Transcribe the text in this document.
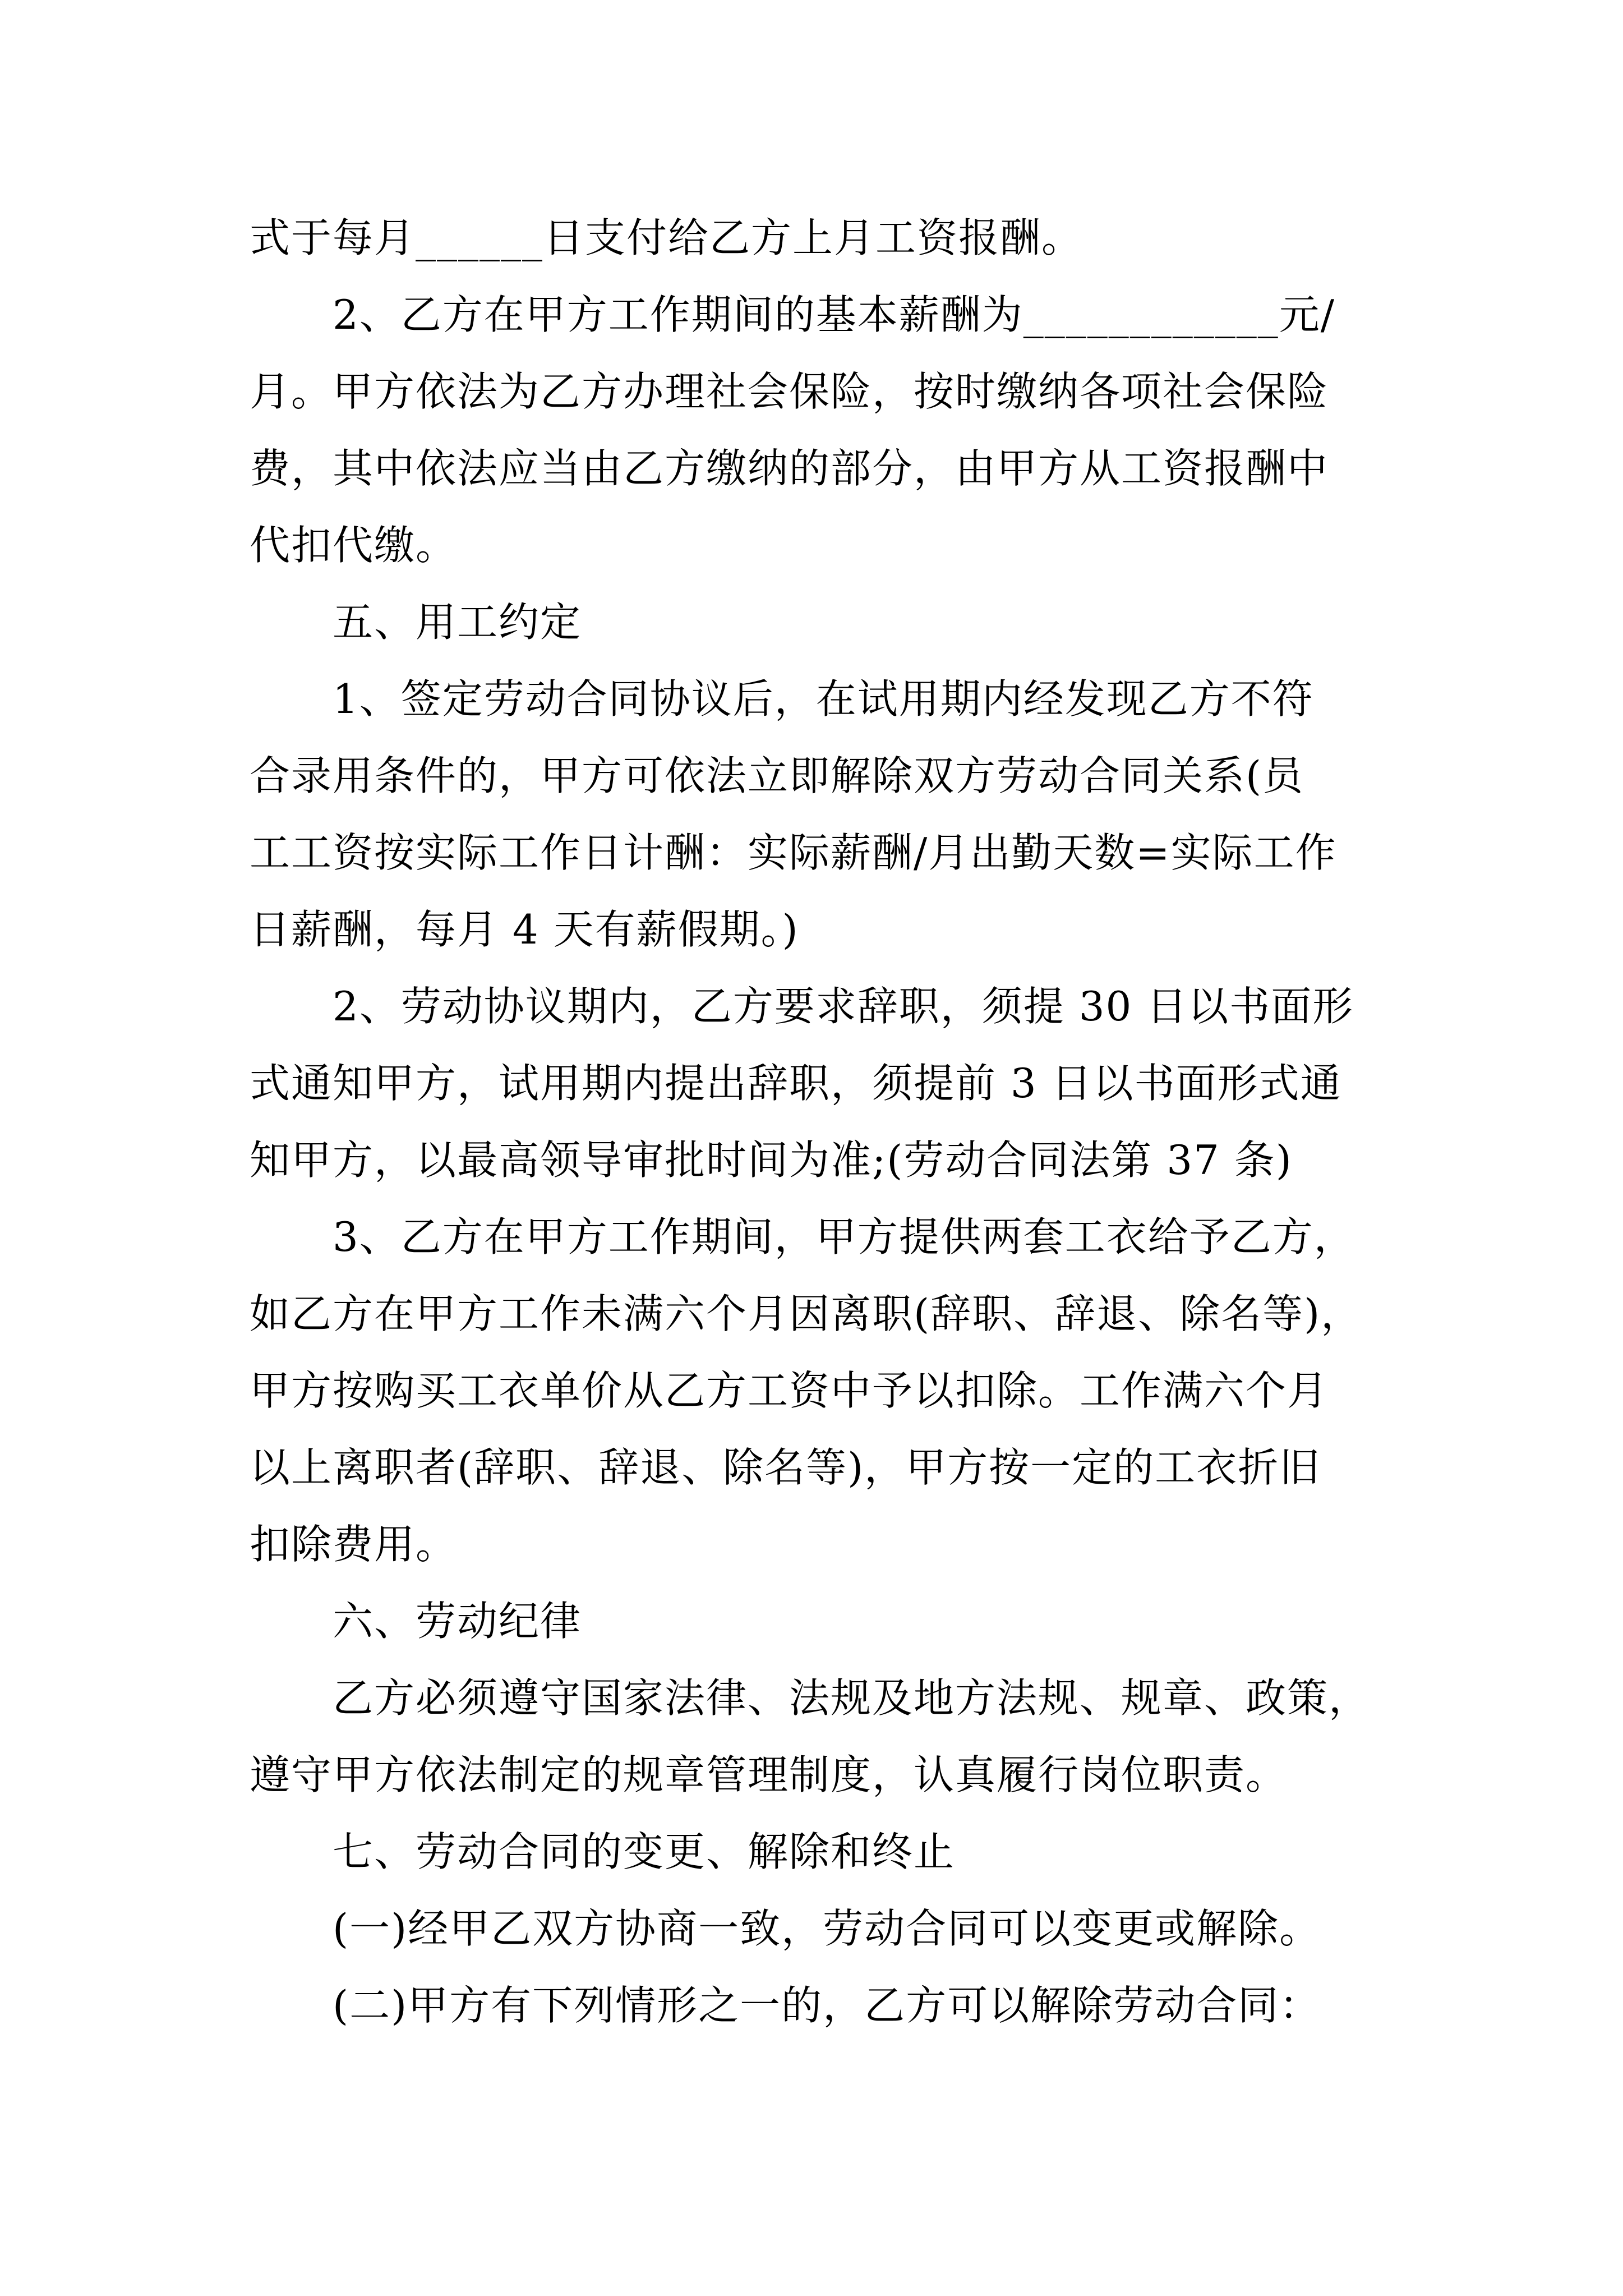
式于每月______日支付给乙方上月工资报酬。
2、乙方在甲方工作期间的基本薪酬为____________元/
月。甲方依法为乙方办理社会保险，按时缴纳各项社会保险
费，其中依法应当由乙方缴纳的部分，由甲方从工资报酬中
代扣代缴。
五、用工约定
1、签定劳动合同协议后，在试用期内经发现乙方不符
合录用条件的，甲方可依法立即解除双方劳动合同关系(员
工工资按实际工作日计酬：实际薪酬/月出勤天数=实际工作
日薪酬，每月 4 天有薪假期。)
2、劳动协议期内，乙方要求辞职，须提 30 日以书面形
式通知甲方，试用期内提出辞职，须提前 3 日以书面形式通
知甲方，以最高领导审批时间为准;(劳动合同法第 37 条)
3、乙方在甲方工作期间，甲方提供两套工衣给予乙方，
如乙方在甲方工作未满六个月因离职(辞职、辞退、除名等)，
甲方按购买工衣单价从乙方工资中予以扣除。工作满六个月
以上离职者(辞职、辞退、除名等)，甲方按一定的工衣折旧
扣除费用。
六、劳动纪律
乙方必须遵守国家法律、法规及地方法规、规章、政策，
遵守甲方依法制定的规章管理制度，认真履行岗位职责。
七、劳动合同的变更、解除和终止
(一)经甲乙双方协商一致，劳动合同可以变更或解除。
(二)甲方有下列情形之一的，乙方可以解除劳动合同：
